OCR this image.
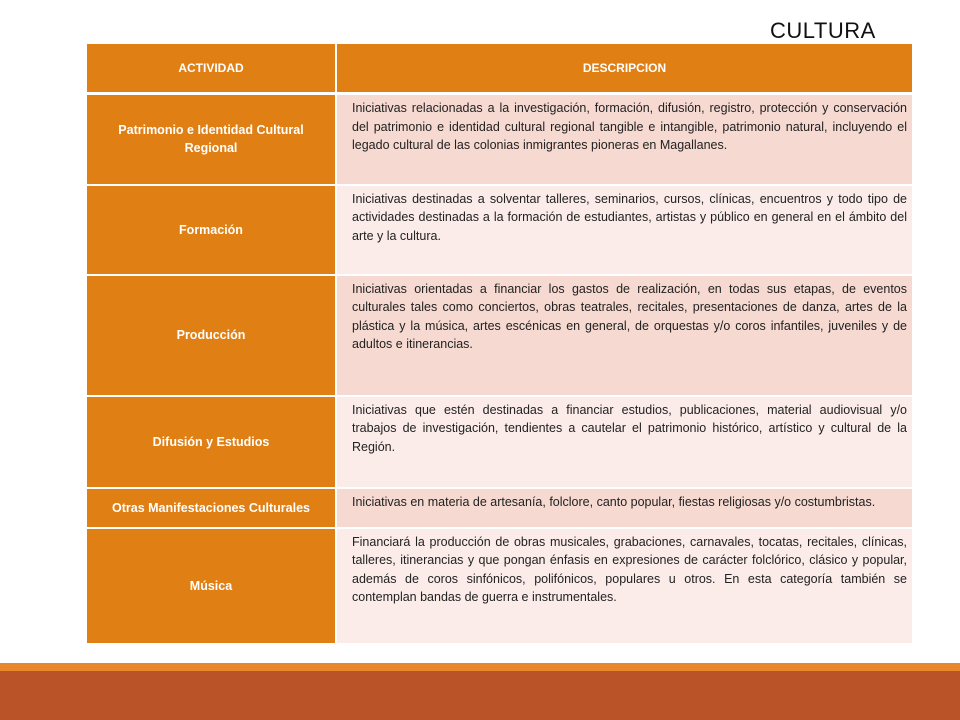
CULTURA
ACTIVIDAD	DESCRIPCION
Patrimonio e Identidad Cultural Regional	Iniciativas relacionadas a la investigación, formación, difusión, registro, protección y conservación del patrimonio e identidad cultural regional tangible e intangible, patrimonio natural, incluyendo el legado cultural de las colonias inmigrantes pioneras en Magallanes.
Formación	Iniciativas destinadas a solventar talleres, seminarios, cursos, clínicas, encuentros y todo tipo de actividades destinadas a la formación de estudiantes, artistas y público en general en el ámbito del arte y la cultura.
Producción	Iniciativas orientadas a financiar los gastos de realización, en todas sus etapas, de eventos culturales tales como conciertos, obras teatrales, recitales, presentaciones de danza, artes de la plástica y la música, artes escénicas en general, de orquestas y/o coros infantiles, juveniles y de adultos e itinerancias.
Difusión y Estudios	Iniciativas que estén destinadas a financiar estudios, publicaciones, material audiovisual y/o trabajos de investigación, tendientes a cautelar el patrimonio histórico, artístico y cultural de la Región.
Otras Manifestaciones Culturales	Iniciativas en materia de artesanía, folclore, canto popular, fiestas religiosas y/o costumbristas.
Música	Financiará la producción de obras musicales, grabaciones, carnavales, tocatas, recitales, clínicas, talleres, itinerancias y que pongan énfasis en expresiones de carácter folclórico, clásico y popular, además de coros sinfónicos, polifónicos, populares u otros. En esta categoría también se contemplan bandas de guerra e instrumentales.
